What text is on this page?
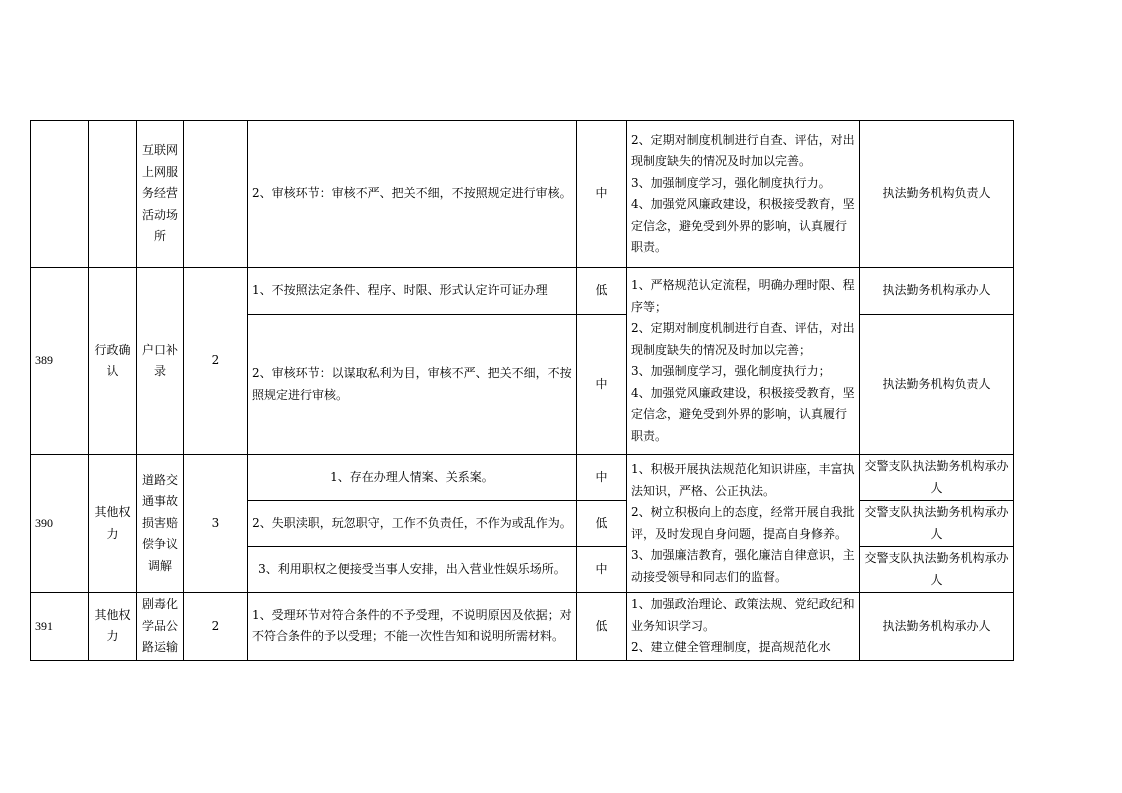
		互联网上网服务经营活动场所		2、审核环节：审核不严、把关不细，不按照规定进行审核。	中	2、定期对制度机制进行自查、评估，对出现制度缺失的情况及时加以完善。
3、加强制度学习，强化制度执行力。
4、加强党风廉政建设，积极接受教育，坚定信念，避免受到外界的影响，认真履行职责。	执法勤务机构负责人
389	行政确认	户口补录	2	1、不按照法定条件、程序、时限、形式认定许可证办理	低	1、严格规范认定流程，明确办理时限、程序等；
2、定期对制度机制进行自查、评估，对出现制度缺失的情况及时加以完善；
3、加强制度学习，强化制度执行力；
4、加强党风廉政建设，积极接受教育，坚定信念，避免受到外界的影响，认真履行职责。	执法勤务机构承办人
				2、审核环节：以谋取私利为目，审核不严、把关不细，不按照规定进行审核。	中		执法勤务机构负责人
390	其他权力	道路交通事故损害赔偿争议调解	3	1、存在办理人情案、关系案。	中	1、积极开展执法规范化知识讲座，丰富执法知识，严格、公正执法。
2、树立积极向上的态度，经常开展自我批评，及时发现自身问题，提高自身修养。
3、加强廉洁教育，强化廉洁自律意识，主动接受领导和同志们的监督。	交警支队执法勤务机构承办人
				2、失职渎职，玩忽职守，工作不负责任，不作为或乱作为。	低		交警支队执法勤务机构承办人
				3、利用职权之便接受当事人安排，出入营业性娱乐场所。	中		交警支队执法勤务机构承办人
391	其他权力	剧毒化学品公路运输	2	1、受理环节对符合条件的不予受理，不说明原因及依据；对不符合条件的予以受理；不能一次性告知和说明所需材料。	低	1、加强政治理论、政策法规、党纪政纪和业务知识学习。
2、建立健全管理制度，提高规范化水	执法勤务机构承办人
